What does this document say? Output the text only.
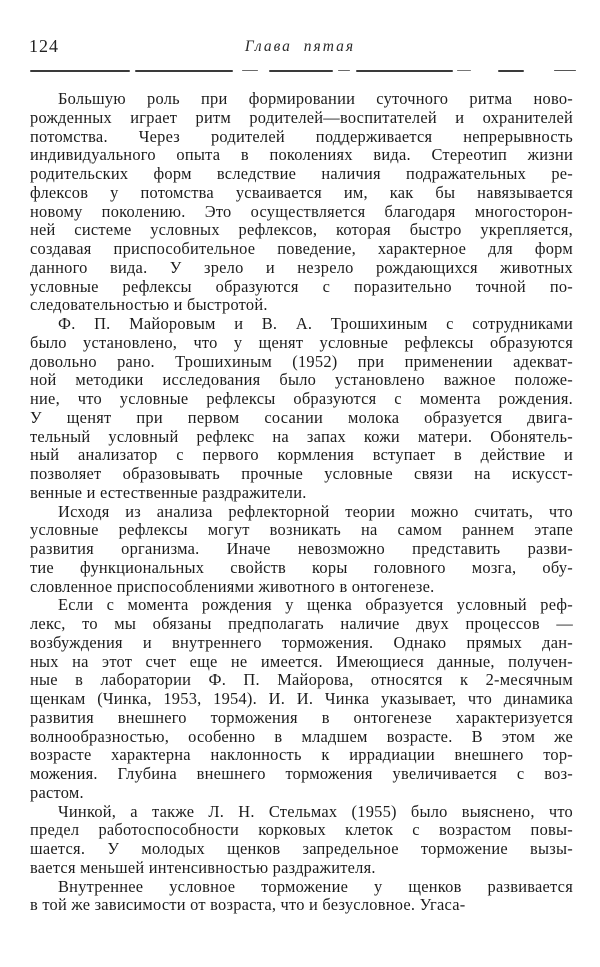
124	Глава пятая
Большую роль при формировании суточного ритма ново-
рожденных играет ритм родителей—воспитателей и охранителей
потомства. Через родителей поддерживается непрерывность
индивидуального опыта в поколениях вида. Стереотип жизни
родительских форм вследствие наличия подражательных ре-
флексов у потомства усваивается им, как бы навязывается
новому поколению. Это осуществляется благодаря многосторон-
ней системе условных рефлексов, которая быстро укрепляется,
создавая приспособительное поведение, характерное для форм
данного вида. У зрело и незрело рождающихся животных
условные рефлексы образуются с поразительно точной по-
следовательностью и быстротой.
Ф. П. Майоровым и В. А. Трошихиным с сотрудниками
было установлено, что у щенят условные рефлексы образуются
довольно рано. Трошихиным (1952) при применении адекват-
ной методики исследования было установлено важное положе-
ние, что условные рефлексы образуются с момента рождения.
У щенят при первом сосании молока образуется двига-
тельный условный рефлекс на запах кожи матери. Обонятель-
ный анализатор с первого кормления вступает в действие и
позволяет образовывать прочные условные связи на искусст-
венные и естественные раздражители.
Исходя из анализа рефлекторной теории можно считать, что
условные рефлексы могут возникать на самом раннем этапе
развития организма. Иначе невозможно представить разви-
тие функциональных свойств коры головного мозга, обу-
словленное приспособлениями животного в онтогенезе.
Если с момента рождения у щенка образуется условный реф-
лекс, то мы обязаны предполагать наличие двух процессов —
возбуждения и внутреннего торможения. Однако прямых дан-
ных на этот счет еще не имеется. Имеющиеся данные, получен-
ные в лаборатории Ф. П. Майорова, относятся к 2-месячным
щенкам (Чинка, 1953, 1954). И. И. Чинка указывает, что динамика
развития внешнего торможения в онтогенезе характеризуется
волнообразностью, особенно в младшем возрасте. В этом же
возрасте характерна наклонность к иррадиации внешнего тор-
можения. Глубина внешнего торможения увеличивается с воз-
растом.
Чинкой, а также Л. Н. Стельмах (1955) было выяснено, что
предел работоспособности корковых клеток с возрастом повы-
шается. У молодых щенков запредельное торможение вызы-
вается меньшей интенсивностью раздражителя.
Внутреннее условное торможение у щенков развивается
в той же зависимости от возраста, что и безусловное. Угаса-
